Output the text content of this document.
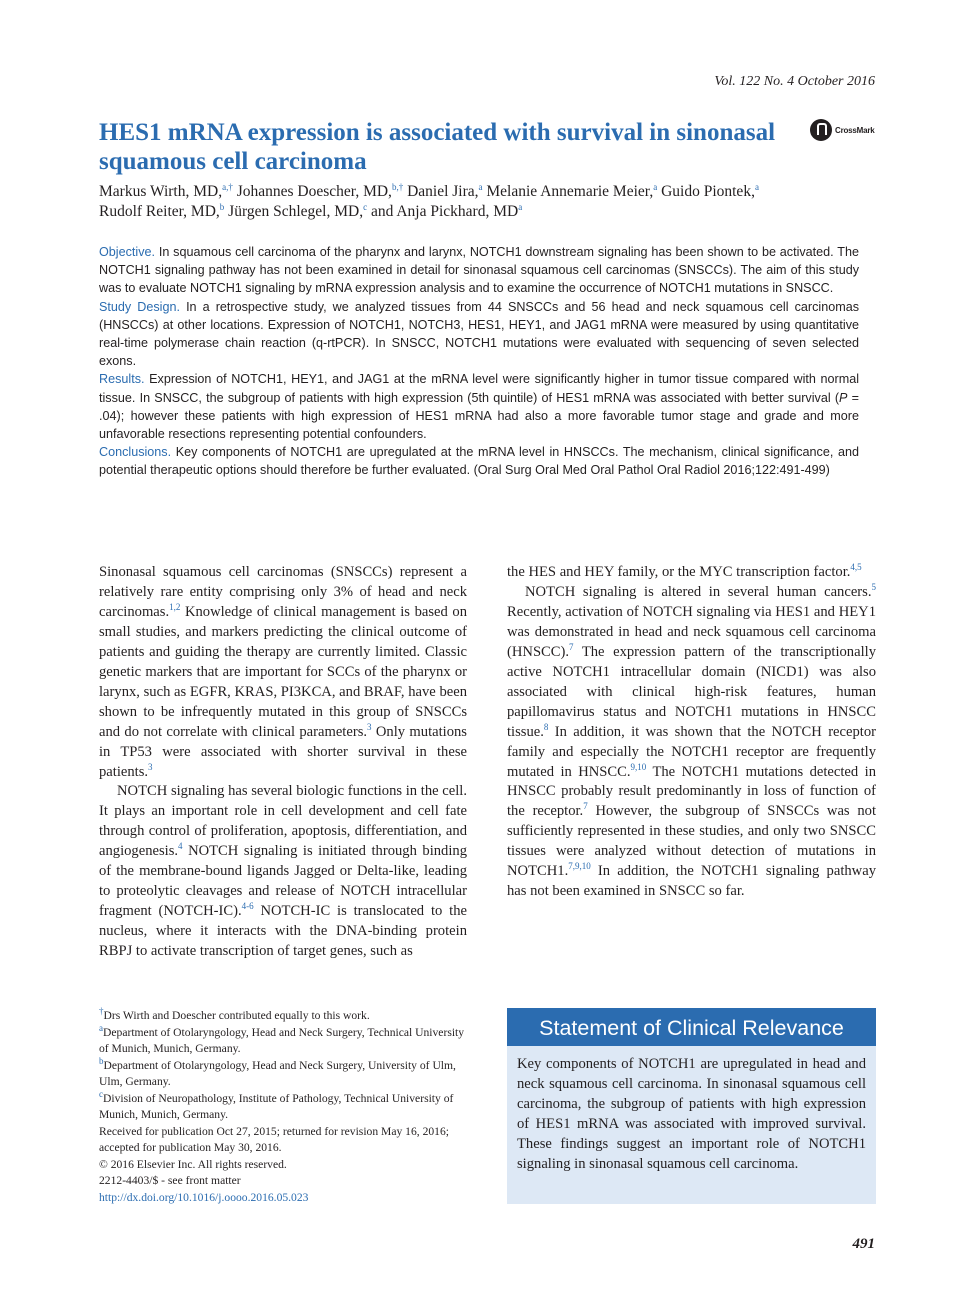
Vol. 122 No. 4 October 2016
HES1 mRNA expression is associated with survival in sinonasal squamous cell carcinoma
CrossMark

Markus Wirth, MD,$^{a,\dagger}$ Johannes Doescher, MD,$^{b,\dagger}$ Daniel Jira,$^a$ Melanie Annemarie Meier,$^a$ Guido Piontek,$^a$
Rudolf Reiter, MD,$^b$ Jürgen Schlegel, MD,$^c$ and Anja Pickhard, $MD^a$

Objective. In squamous cell carcinoma of the pharynx and larynx, NOTCH1 downstream signaling has been shown to be activated. The NOTCH1 signaling pathway has not been examined in detail for sinonasal squamous cell carcinomas (SNSCCs). The aim of this study was to evaluate NOTCH1 signaling by mRNA expression analysis and to examine the occurrence of NOTCH1 mutations in SNSCC.

Study Design. In a retrospective study, we analyzed tissues from 44 SNSCCs and 56 head and neck squamous cell carcinomas (HNSCCs) at other locations. Expression of NOTCH1, NOTCH3, HES1, HEY1, and JAG1 mRNA were measured by using quantitative real-time polymerase chain reaction (q-rtPCR). In SNSCC, NOTCH1 mutations were evaluated with sequencing of seven selected exons.

Results. Expression of NOTCH1, HEY1, and JAG1 at the mRNA level were significantly higher in tumor tissue compared with normal tissue. In SNSCC, the subgroup of patients with high expression (5th quintile) of HES1 mRNA was associated with better survival (P = .04); however these patients with high expression of HES1 mRNA had also a more favorable tumor stage and grade and more unfavorable resections representing potential confounders.

Conclusions. Key components of NOTCH1 are upregulated at the mRNA level in HNSCCs. The mechanism, clinical significance, and potential therapeutic options should therefore be further evaluated. (Oral Surg Oral Med Oral Pathol Oral Radiol 2016;122:491-499)

Sinonasal squamous cell carcinomas (SNSCCs) represent a relatively rare entity comprising only 3% of head and neck carcinomas.$^{1,2}$ Knowledge of clinical management is based on small studies, and markers predicting the clinical outcome of patients and guiding the therapy are currently limited. Classic genetic markers that are important for SCCs of the pharynx or larynx, such as EGFR, KRAS, PI3KCA, and BRAF, have been shown to be infrequently mutated in this group of SNSCCs and do not correlate with clinical parameters.$^3$ Only mutations in TP53 were associated with shorter survival in these patients.$^3$

NOTCH signaling has several biologic functions in the cell. It plays an important role in cell development and cell fate through control of proliferation, apoptosis, differentiation, and angiogenesis.$^4$ NOTCH signaling is initiated through binding of the membrane-bound ligands Jagged or Delta-like, leading to proteolytic cleavages and release of NOTCH intracellular fragment (NOTCH-IC).$^{4-6}$ NOTCH-IC is translocated to the nucleus, where it interacts with the DNA-binding protein RBPJ to activate transcription of target genes, such as

the HES and HEY family, or the MYC transcription factor.$^{4,5}$

NOTCH signaling is altered in several human cancers.$^5$ Recently, activation of NOTCH signaling via HES1 and HEY1 was demonstrated in head and neck squamous cell carcinoma (HNSCC).$^7$ The expression pattern of the transcriptionally active NOTCH1 intracellular domain (NICD1) was also associated with clinical high-risk features, human papillomavirus status and NOTCH1 mutations in HNSCC tissue.$^8$ In addition, it was shown that the NOTCH receptor family and especially the NOTCH1 receptor are frequently mutated in HNSCC.$^{9,10}$ The NOTCH1 mutations detected in HNSCC probably result predominantly in loss of function of the receptor.$^7$ However, the subgroup of SNSCCs was not sufficiently represented in these studies, and only two SNSCC tissues were analyzed without detection of mutations in NOTCH1.$^{7,9,10}$ In addition, the NOTCH1 signaling pathway has not been examined in SNSCC so far.

†Drs Wirth and Doescher contributed equally to this work.

$^a$Department of Otolaryngology, Head and Neck Surgery, Technical University of Munich, Munich, Germany.

$^b$Department of Otolaryngology, Head and Neck Surgery, University of Ulm, Ulm, Germany.

$^c$Division of Neuropathology, Institute of Pathology, Technical University of Munich, Munich, Germany.

Received for publication Oct 27, 2015; returned for revision May 16, 2016; accepted for publication May 30, 2016.

© 2016 Elsevier Inc. All rights reserved.

2212-4403/$ - see front matter

http://dx.doi.org/10.1016/j.oooo.2016.05.023

Statement of Clinical Relevance

Key components of NOTCH1 are upregulated in head and neck squamous cell carcinoma. In sinonasal squamous cell carcinoma, the subgroup of patients with high expression of HES1 mRNA was associated with improved survival. These findings suggest an important role of NOTCH1 signaling in sinonasal squamous cell carcinoma.

491
